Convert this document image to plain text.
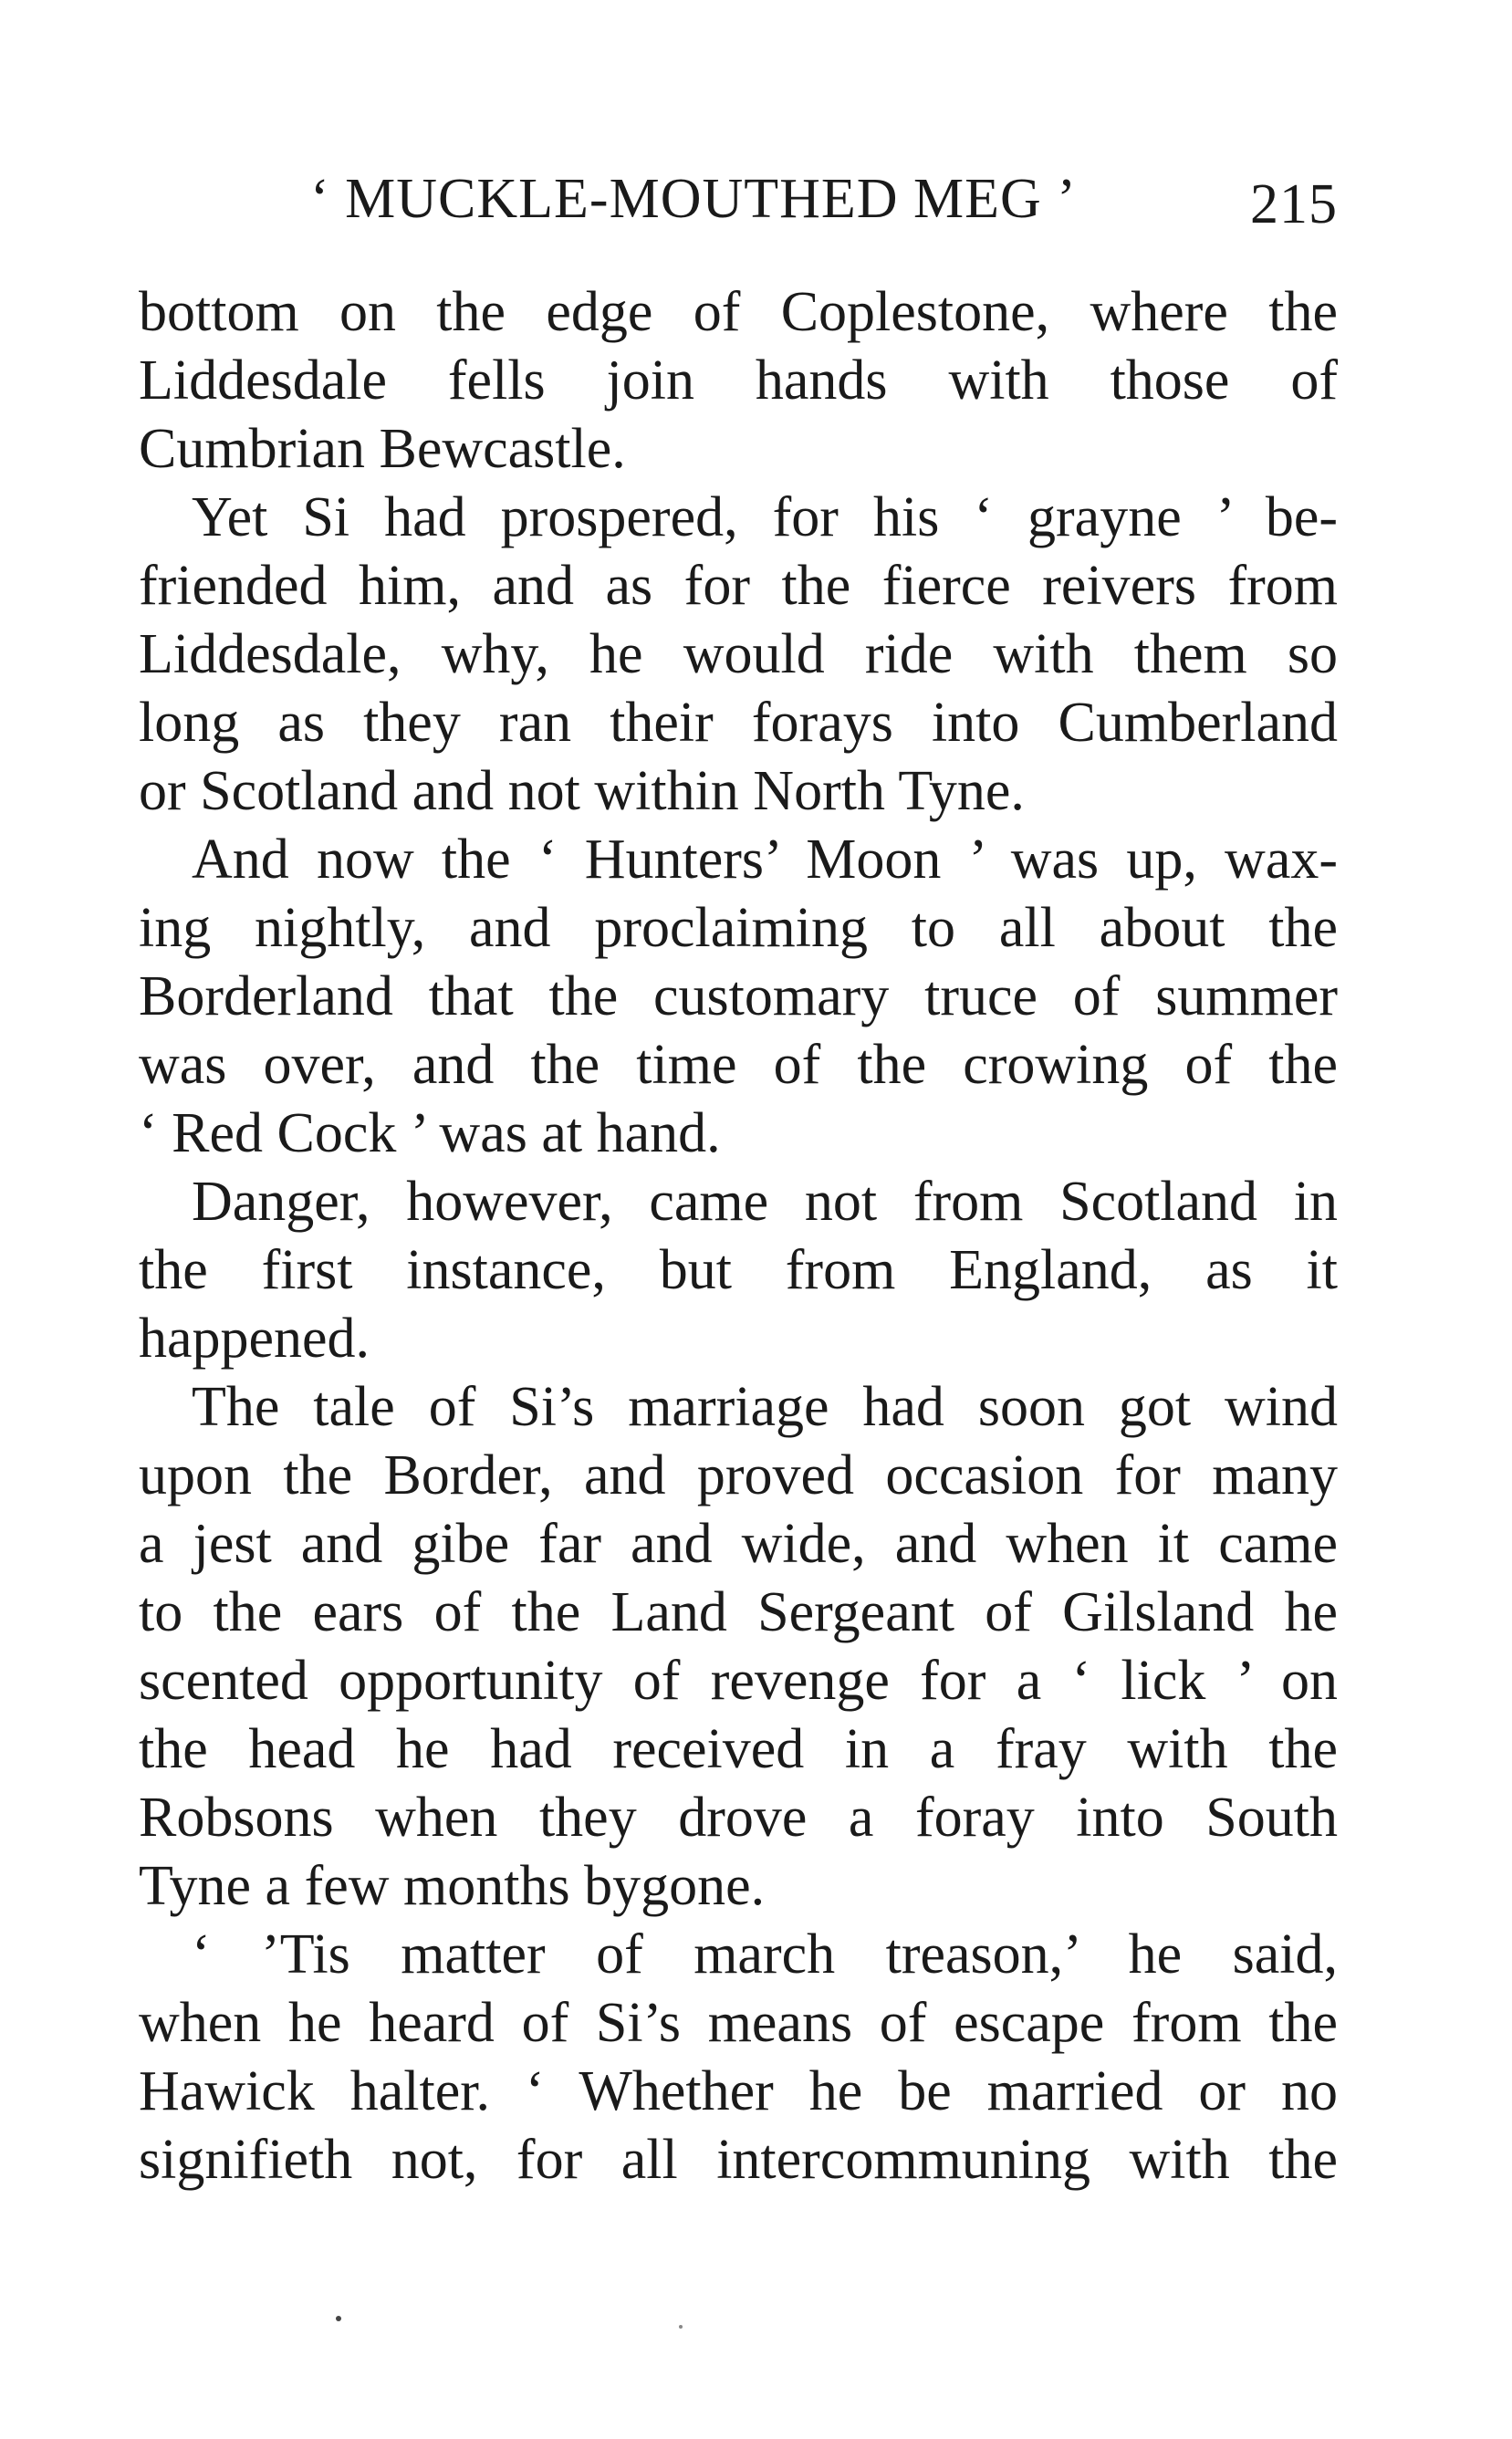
‘ MUCKLE-MOUTHED MEG ’	215
bottom on the edge of Coplestone, where the
Liddesdale fells join hands with those of
Cumbrian Bewcastle.
Yet Si had prospered, for his ‘ grayne ’ be-
friended him, and as for the fierce reivers from
Liddesdale, why, he would ride with them so
long as they ran their forays into Cumberland
or Scotland and not within North Tyne.
And now the ‘ Hunters’ Moon ’ was up, wax-
ing nightly, and proclaiming to all about the
Borderland that the customary truce of summer
was over, and the time of the crowing of the
‘ Red Cock ’ was at hand.
Danger, however, came not from Scotland in
the first instance, but from England, as it
happened.
The tale of Si’s marriage had soon got wind
upon the Border, and proved occasion for many
a jest and gibe far and wide, and when it came
to the ears of the Land Sergeant of Gilsland he
scented opportunity of revenge for a ‘ lick ’ on
the head he had received in a fray with the
Robsons when they drove a foray into South
Tyne a few months bygone.
‘ ’Tis matter of march treason,’ he said,
when he heard of Si’s means of escape from the
Hawick halter. ‘ Whether he be married or no
signifieth not, for all intercommuning with the
